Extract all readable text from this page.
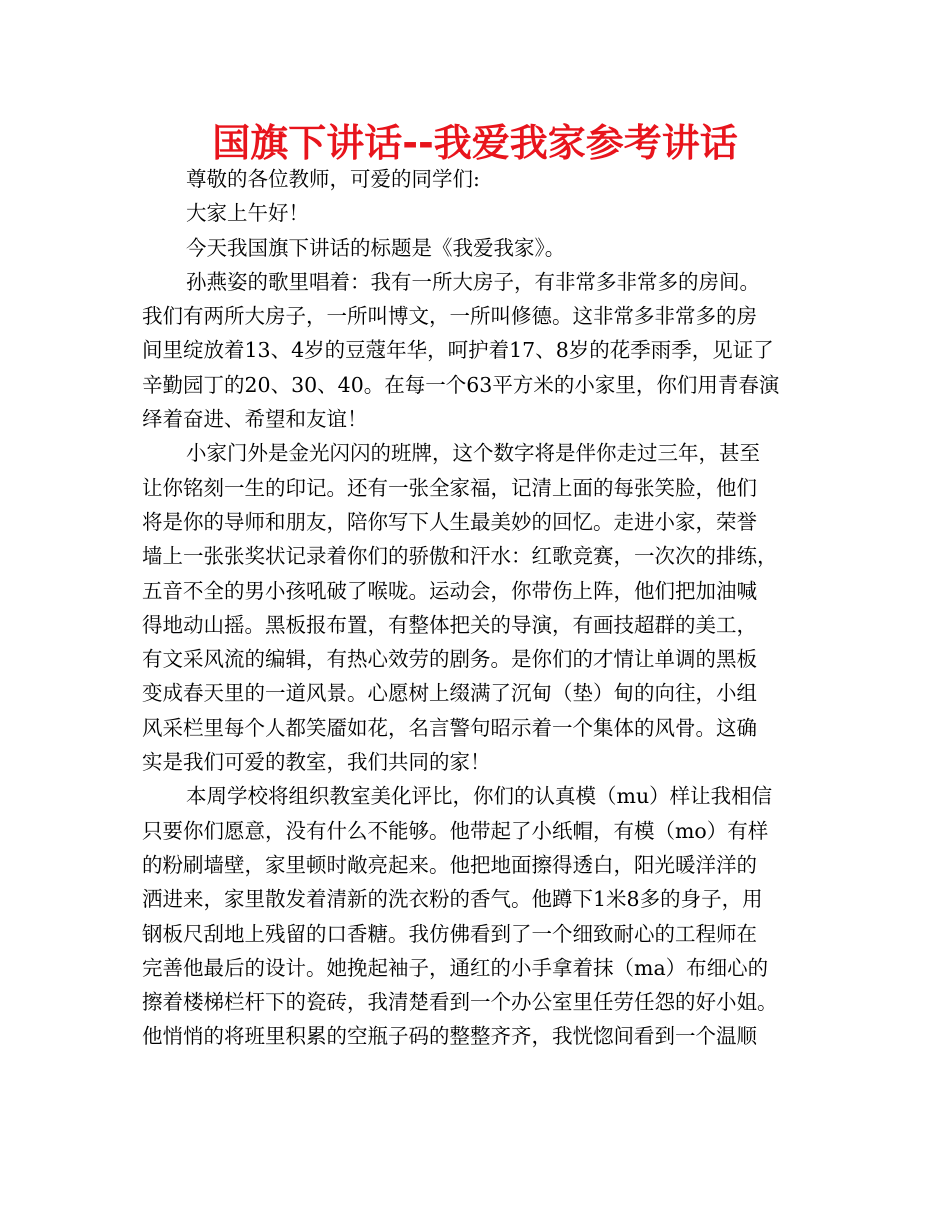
国旗下讲话--我爱我家参考讲话
尊敬的各位教师，可爱的同学们:
大家上午好！
今天我国旗下讲话的标题是《我爱我家》。
孙燕姿的歌里唱着：我有一所大房子，有非常多非常多的房间。
我们有两所大房子，一所叫博文，一所叫修德。这非常多非常多的房
间里绽放着13、4岁的豆蔻年华，呵护着17、8岁的花季雨季，见证了
辛勤园丁的20、30、40。在每一个63平方米的小家里，你们用青春演
绎着奋进、希望和友谊！
小家门外是金光闪闪的班牌，这个数字将是伴你走过三年，甚至
让你铭刻一生的印记。还有一张全家福，记清上面的每张笑脸，他们
将是你的导师和朋友，陪你写下人生最美妙的回忆。走进小家，荣誉
墙上一张张奖状记录着你们的骄傲和汗水：红歌竞赛，一次次的排练，
五音不全的男小孩吼破了喉咙。运动会，你带伤上阵，他们把加油喊
得地动山摇。黑板报布置，有整体把关的导演，有画技超群的美工，
有文采风流的编辑，有热心效劳的剧务。是你们的才情让单调的黑板
变成春天里的一道风景。心愿树上缀满了沉甸（垫）甸的向往，小组
风采栏里每个人都笑靥如花，名言警句昭示着一个集体的风骨。这确
实是我们可爱的教室，我们共同的家！
本周学校将组织教室美化评比，你们的认真模（mu）样让我相信
只要你们愿意，没有什么不能够。他带起了小纸帽，有模（mo）有样
的粉刷墙壁，家里顿时敞亮起来。他把地面擦得透白，阳光暖洋洋的
洒进来，家里散发着清新的洗衣粉的香气。他蹲下1米8多的身子，用
钢板尺刮地上残留的口香糖。我仿佛看到了一个细致耐心的工程师在
完善他最后的设计。她挽起袖子，通红的小手拿着抹（ma）布细心的
擦着楼梯栏杆下的瓷砖，我清楚看到一个办公室里任劳任怨的好小姐。
他悄悄的将班里积累的空瓶子码的整整齐齐，我恍惚间看到一个温顺
